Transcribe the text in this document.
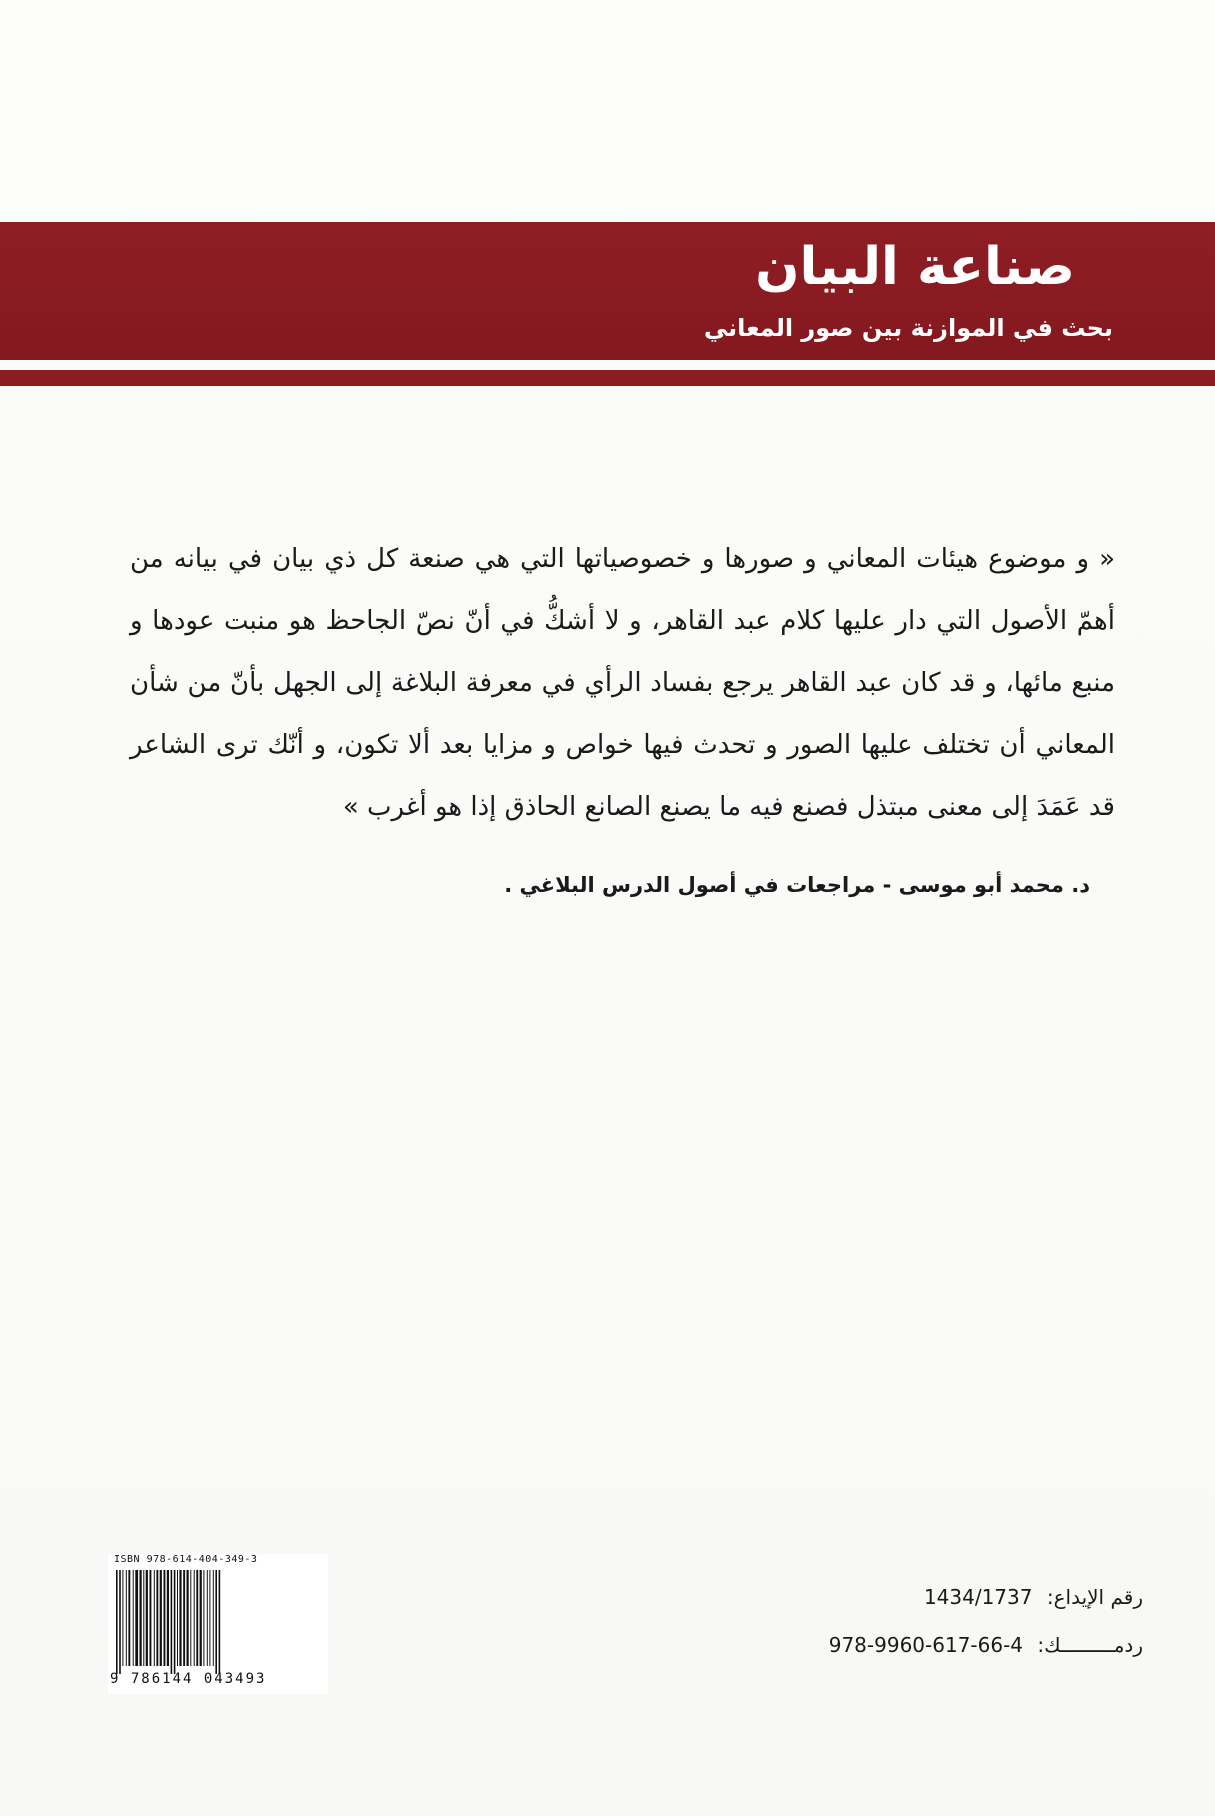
صناعة البيان
بحث في الموازنة بين صور المعاني

« و موضوع هيئات المعاني و صورها و خصوصياتها التي هي صنعة كل ذي بيان في بيانه من أهمّ الأصول التي دار عليها كلام عبد القاهر، و لا أشكُّ في أنّ نصّ الجاحظ هو منبت عودها و منبع مائها، و قد كان عبد القاهر يرجع بفساد الرأي في معرفة البلاغة إلى الجهل بأنّ من شأن المعاني أن تختلف عليها الصور و تحدث فيها خواص و مزايا بعد ألا تكون، و أنّك ترى الشاعر قد عَمَدَ إلى معنى مبتذل فصنع فيه ما يصنع الصانع الحاذق إذا هو أغرب »

د. محمد أبو موسى - مراجعات في أصول الدرس البلاغي .

ISBN 978-614-404-349-3
9 786144 043493

رقم الإيداع: 1434/1737

ردمـــــــــك: 978-9960-617-66-4
